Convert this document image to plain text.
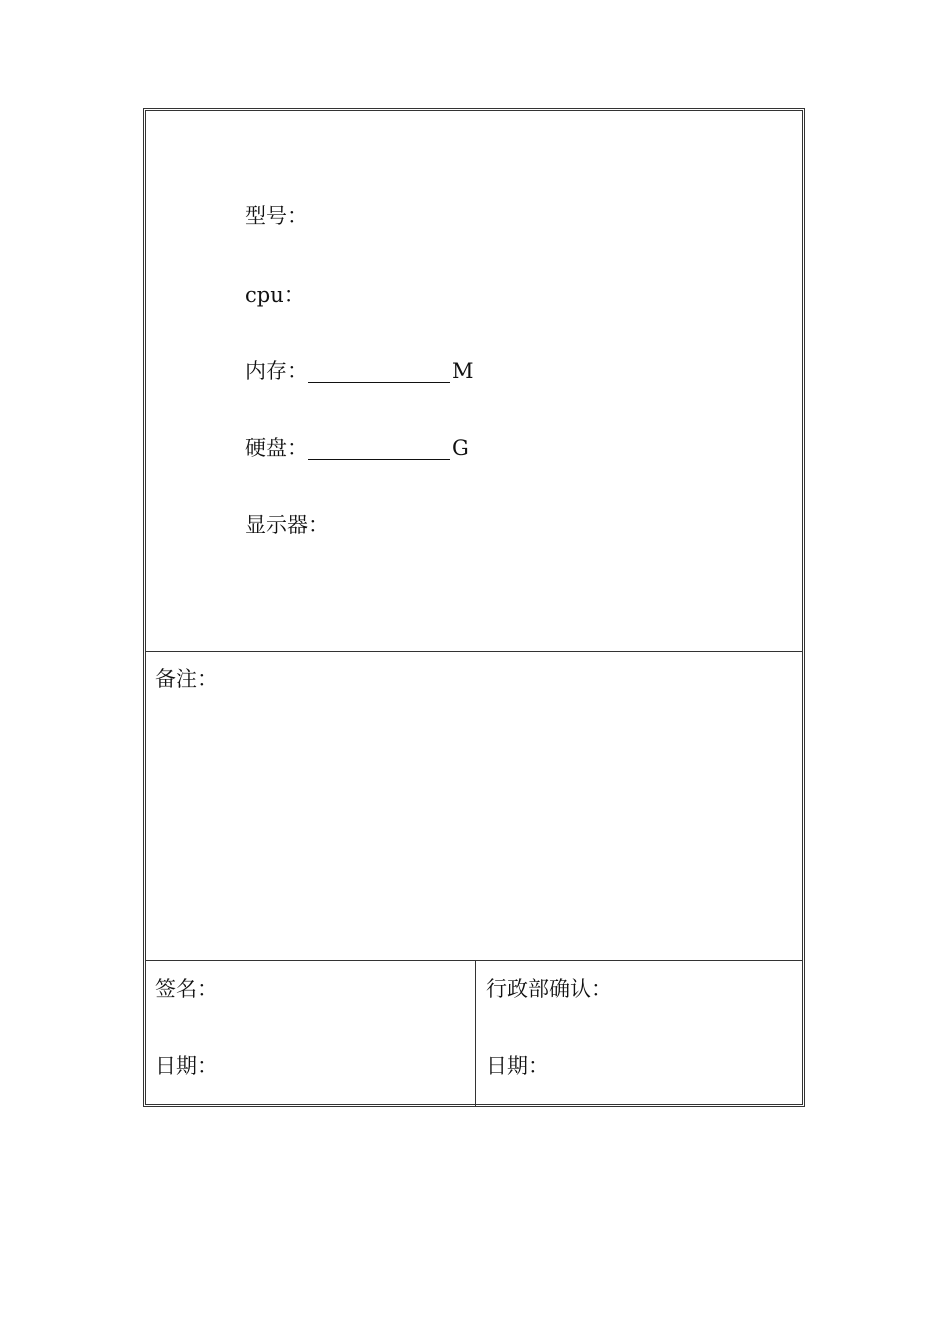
型号：
cpu：
内存：	M
硬盘：	G
显示器：
备注：
签名：
日期：
行政部确认：
日期：
